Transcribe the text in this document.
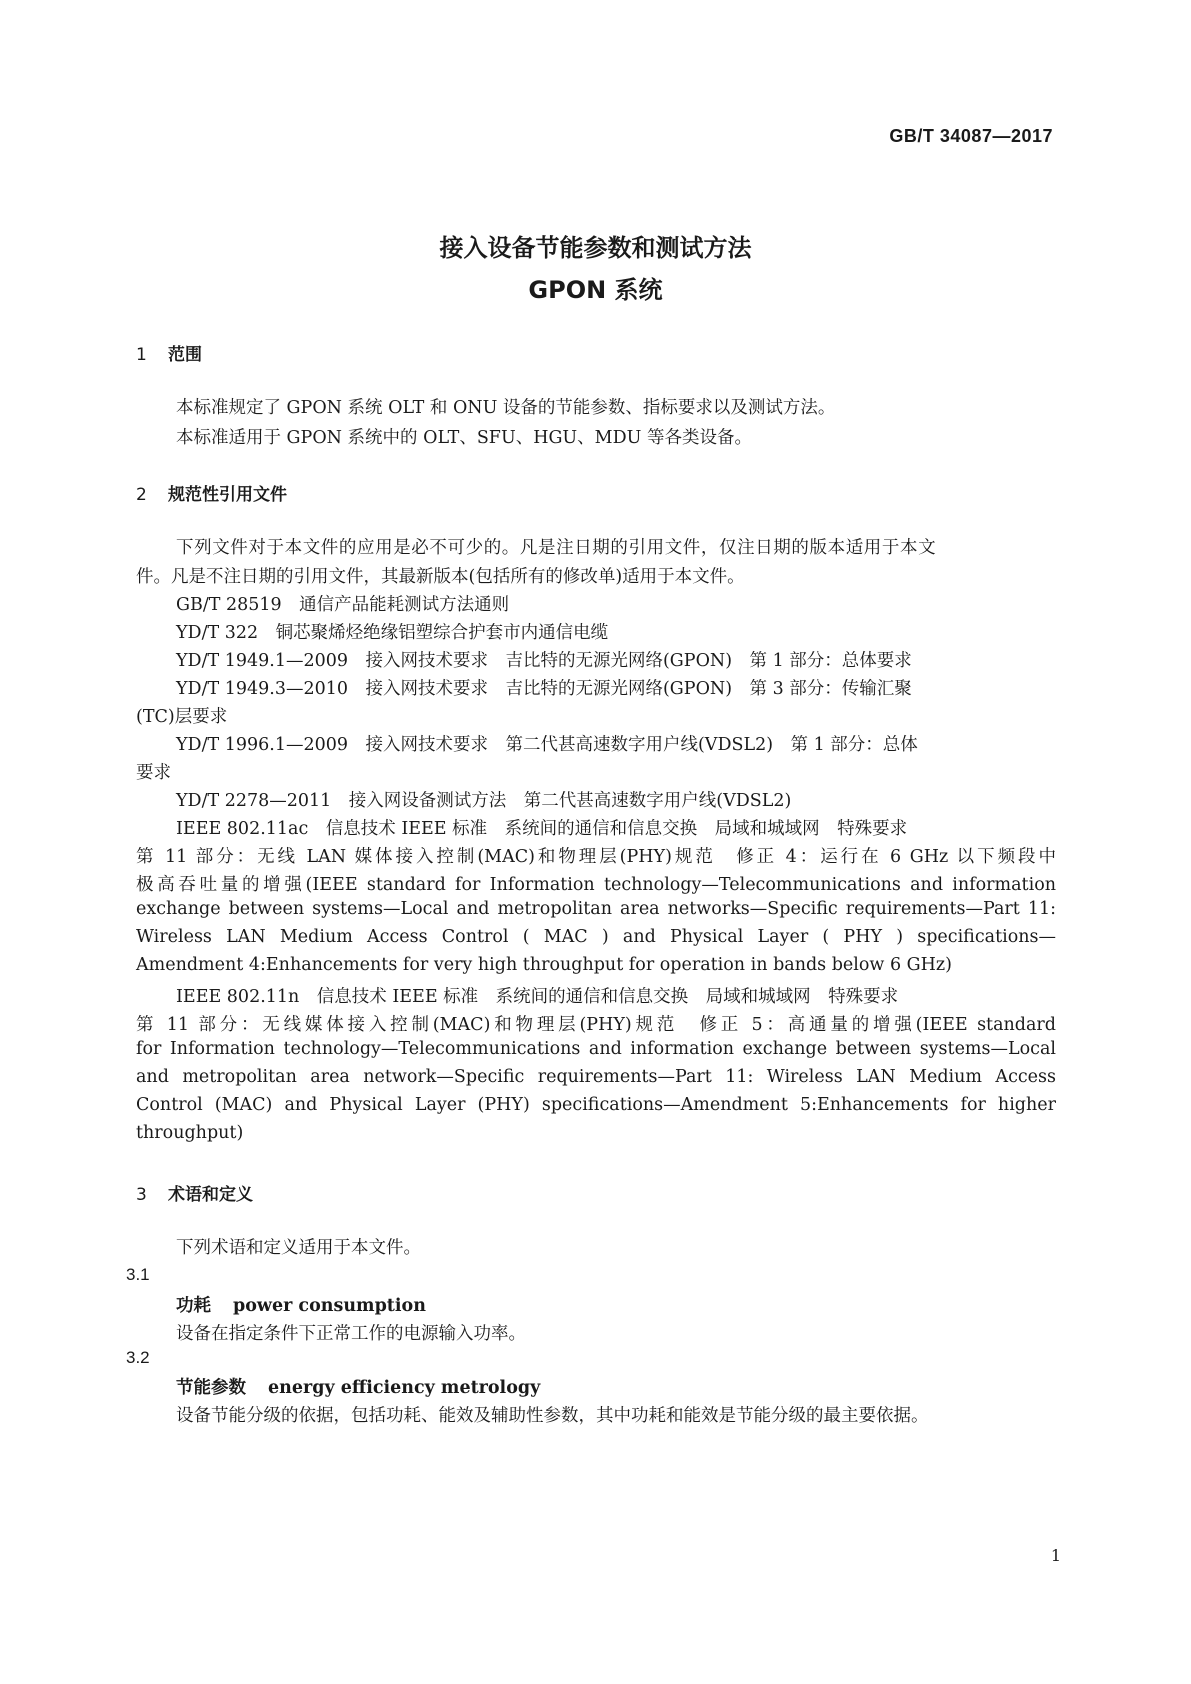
GB/T 34087—2017
接入设备节能参数和测试方法
GPON 系统
1 范围
本标准规定了 GPON 系统 OLT 和 ONU 设备的节能参数、指标要求以及测试方法。
本标准适用于 GPON 系统中的 OLT、SFU、HGU、MDU 等各类设备。
2 规范性引用文件
下列文件对于本文件的应用是必不可少的。凡是注日期的引用文件，仅注日期的版本适用于本文
件。凡是不注日期的引用文件，其最新版本(包括所有的修改单)适用于本文件。
GB/T 28519　通信产品能耗测试方法通则
YD/T 322　铜芯聚烯烃绝缘铝塑综合护套市内通信电缆
YD/T 1949.1—2009　接入网技术要求　吉比特的无源光网络(GPON)　第 1 部分：总体要求
YD/T 1949.3—2010　接入网技术要求　吉比特的无源光网络(GPON)　第 3 部分：传输汇聚
(TC)层要求
YD/T 1996.1—2009　接入网技术要求　第二代甚高速数字用户线(VDSL2)　第 1 部分：总体
要求
YD/T 2278—2011　接入网设备测试方法　第二代甚高速数字用户线(VDSL2)
IEEE 802.11ac　信息技术 IEEE 标准　系统间的通信和信息交换　局域和城域网　特殊要求
第 11 部分：无线 LAN 媒体接入控制(MAC)和物理层(PHY)规范　修正 4：运行在 6 GHz 以下频段中
极高吞吐量的增强(IEEE standard for Information technology—Telecommunications and information
exchange between systems—Local and metropolitan area networks—Specific requirements—Part 11:
Wireless LAN Medium Access Control ( MAC ) and Physical Layer ( PHY ) specifications—
Amendment 4:Enhancements for very high throughput for operation in bands below 6 GHz)
IEEE 802.11n　信息技术 IEEE 标准　系统间的通信和信息交换　局域和城域网　特殊要求
第 11 部分：无线媒体接入控制(MAC)和物理层(PHY)规范　修正 5：高通量的增强(IEEE standard
for Information technology—Telecommunications and information exchange between systems—Local
and metropolitan area network—Specific requirements—Part 11: Wireless LAN Medium Access
Control (MAC) and Physical Layer (PHY) specifications—Amendment 5:Enhancements for higher
throughput)
3 术语和定义
下列术语和定义适用于本文件。
3.1
功耗 power consumption
设备在指定条件下正常工作的电源输入功率。
3.2
节能参数 energy efficiency metrology
设备节能分级的依据，包括功耗、能效及辅助性参数，其中功耗和能效是节能分级的最主要依据。
1
